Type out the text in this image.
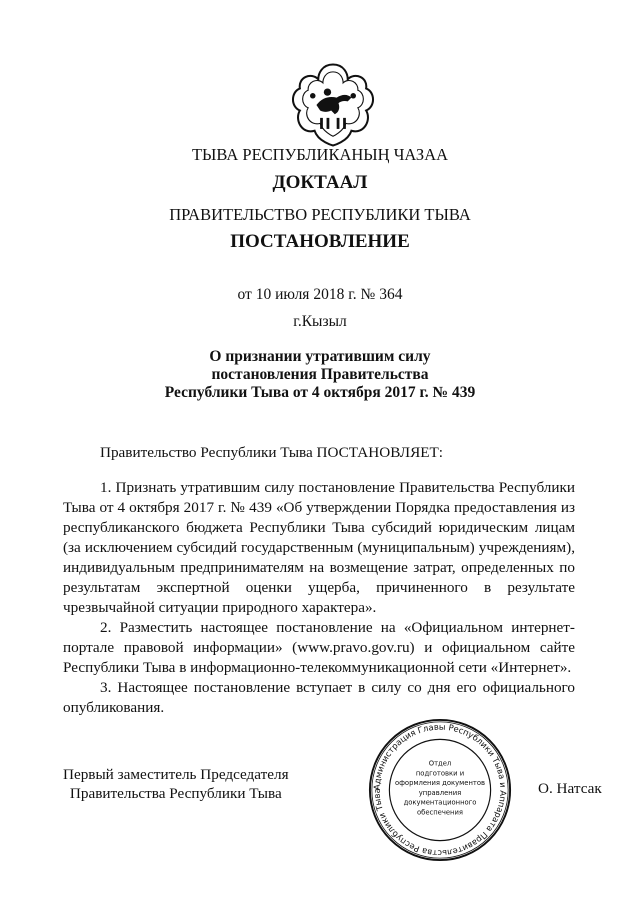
ТЫВА РЕСПУБЛИКАНЫҢ ЧАЗАА
ДОКТААЛ
ПРАВИТЕЛЬСТВО РЕСПУБЛИКИ ТЫВА
ПОСТАНОВЛЕНИЕ
от 10 июля 2018 г. № 364
г.Кызыл
О признании утратившим силу
постановления Правительства
Республики Тыва от 4 октября 2017 г. № 439
Правительство Республики Тыва ПОСТАНОВЛЯЕТ:

1. Признать утратившим силу постановление Правительства Республики Тыва от 4 октября 2017 г. № 439 «Об утверждении Порядка предоставления из республиканского бюджета Республики Тыва субсидий юридическим лицам (за исключением субсидий государственным (муниципальным) учреждениям), индивидуальным предпринимателям на возмещение затрат, определенных по результатам экспертной оценки ущерба, причиненного в результате чрезвычайной ситуации природного характера».

2. Разместить настоящее постановление на «Официальном интернет-портале правовой информации» (www.pravo.gov.ru) и официальном сайте Республики Тыва в информационно-телекоммуникационной сети «Интернет».

3. Настоящее постановление вступает в силу со дня его официального опубликования.

Администрация Главы Республики Тыва и Аппарата Правительства Республики Тыва
Отдел
подготовки и
оформления документов
управления
документационного
обеспечения
Первый заместитель Председателя
Правительства Республики Тыва	О. Натсак
